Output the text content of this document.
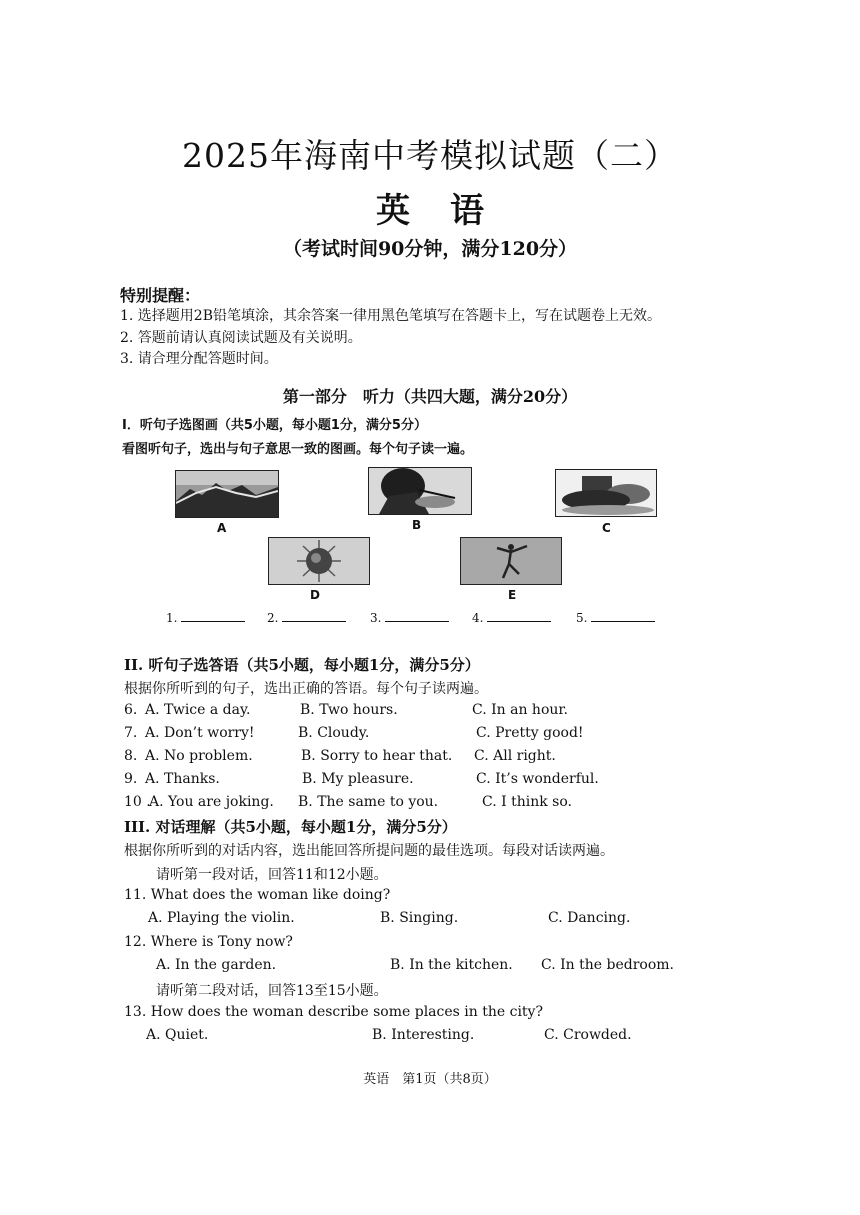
2025年海南中考模拟试题（二）
英语
（考试时间90分钟，满分120分）
特别提醒：
1. 选择题用2B铅笔填涂，其余答案一律用黑色笔填写在答题卡上，写在试题卷上无效。
2. 答题前请认真阅读试题及有关说明。
3. 请合理分配答题时间。
第一部分　听力（共四大题，满分20分）
I．听句子选图画（共5小题，每小题1分，满分5分）
看图听句子，选出与句子意思一致的图画。每个句子读一遍。
A	B	C
D	E
1.	2.	3.	4.	5.
II. 听句子选答语（共5小题，每小题1分，满分5分）
根据你所听到的句子，选出正确的答语。每个句子读两遍。
6. A. Twice a day.	B. Two hours.	C. In an hour.
7. A. Don’t worry!	B. Cloudy.	C. Pretty good!
8. A. No problem.	B. Sorry to hear that. C. All right.
9. A. Thanks.	B. My pleasure.	C. It’s wonderful.
10 .
A. You are joking. B. The same to you.	C. I think so.
III. 对话理解（共5小题，每小题1分，满分5分）
根据你所听到的对话内容，选出能回答所提问题的最佳选项。每段对话读两遍。
请听第一段对话，回答11和12小题。
11. What does the woman like doing?
A. Playing the violin.	B. Singing.	C. Dancing.
12. Where is Tony now?
A. In the garden.	B. In the kitchen. C. In the bedroom.
请听第二段对话，回答13至15小题。
13. How does the woman describe some places in the city?
A. Quiet.	B. Interesting.	C. Crowded.
英语　第1页（共8页）
